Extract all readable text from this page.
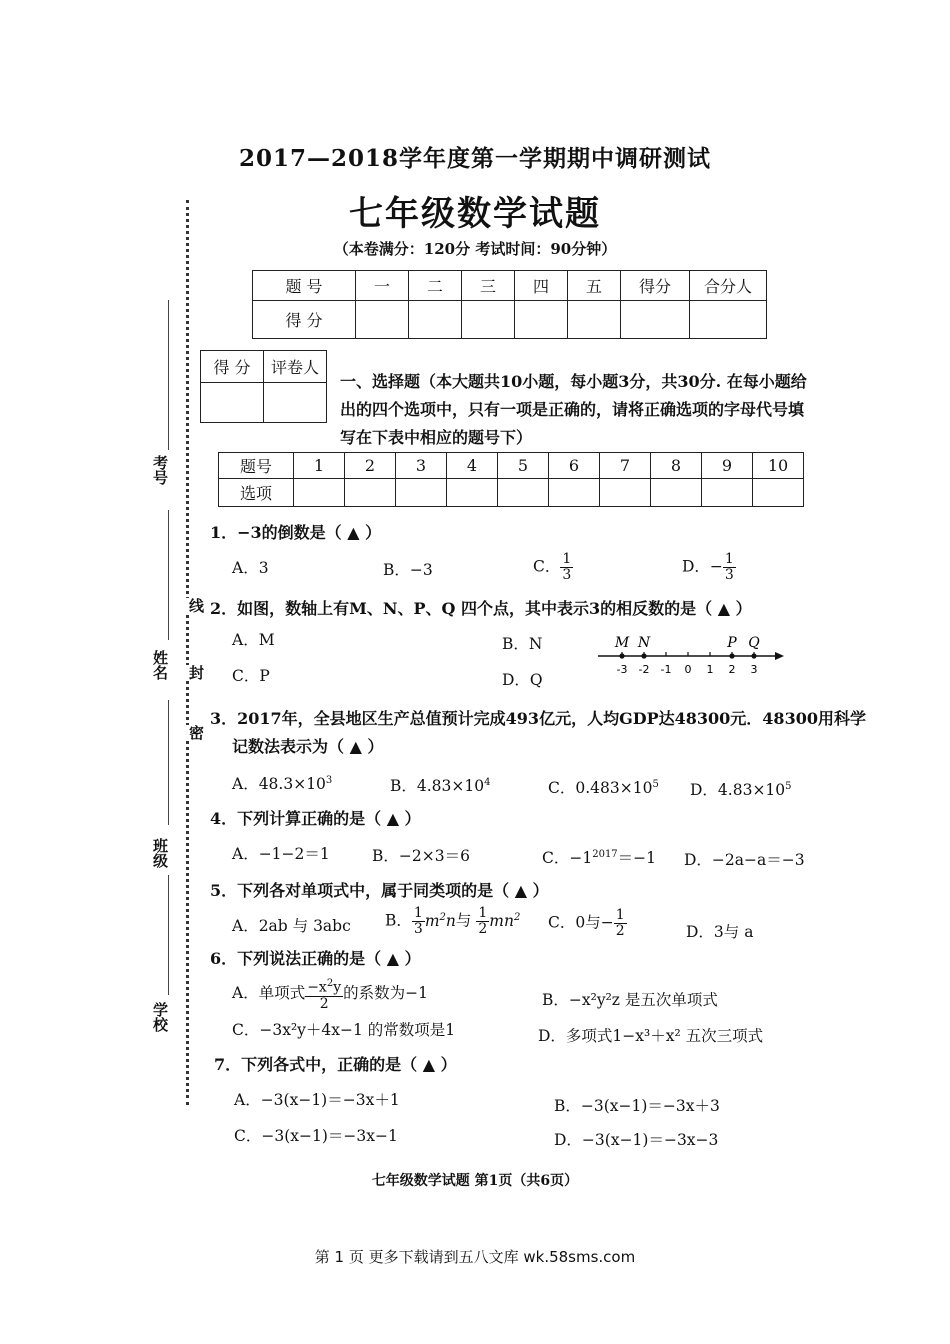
2017—2018学年度第一学期期中调研测试
七年级数学试题
（本卷满分：120分 考试时间：90分钟）
考号
姓名
班级
学校
线
封
密
题 号	一	二	三	四	五	得分	合分人
得 分							
得 分	评卷人

一、选择题（本大题共10小题，每小题3分，共30分. 在每小题给出的四个选项中，只有一项是正确的，请将正确选项的字母代号填写在下表中相应的题号下）
题号	1	2	3	4	5	6	7	8	9	10
选项										
1．−3的倒数是（ ▲ ）
A．3	B．−3	C． $\frac{1}{3}$	D．− $\frac{1}{3}$
2．如图，数轴上有M、N、P、Q 四个点，其中表示3的相反数的是（ ▲ ）
A．M	B．N
C．P	D．Q
-3 -2 -1 0 1 2 3
M N	P Q
3．2017年，全县地区生产总值预计完成493亿元，人均GDP达48300元．48300用科学
记数法表示为（ ▲ ）
A．$48.3\times 10^3$	B．$4.83\times 10^4$	C．$0.483\times 10^5$ D．$4.83\times 10^5$
4．下列计算正确的是（ ▲ ）
A．−1−2＝1	B．−2×3＝6	C．$-1^{2017}=-1$ D．−2a−a＝−3
5．下列各对单项式中，属于同类项的是（ ▲ ）
A．2ab 与 3abc B． $\frac{1}{3} m^2n$与 $\frac{1}{2} mn^2$ C．0与− $\frac{1}{2}$	D．3与 a
6．下列说法正确的是（ ▲ ）
A．单项式 $\frac{-x^2y}{2}$ 的系数为−1	B．−x²y²z 是五次单项式
C．−3x²y＋4x−1 的常数项是1	D．多项式1−x³＋x² 五次三项式
7．下列各式中，正确的是（ ▲ ）
A．−3(x−1)＝−3x＋1	B．−3(x−1)＝−3x＋3
C．−3(x−1)＝−3x−1	D．−3(x−1)＝−3x−3
七年级数学试题 第1页（共6页）
第 1 页 更多下载请到五八文库 wk.58sms.com
